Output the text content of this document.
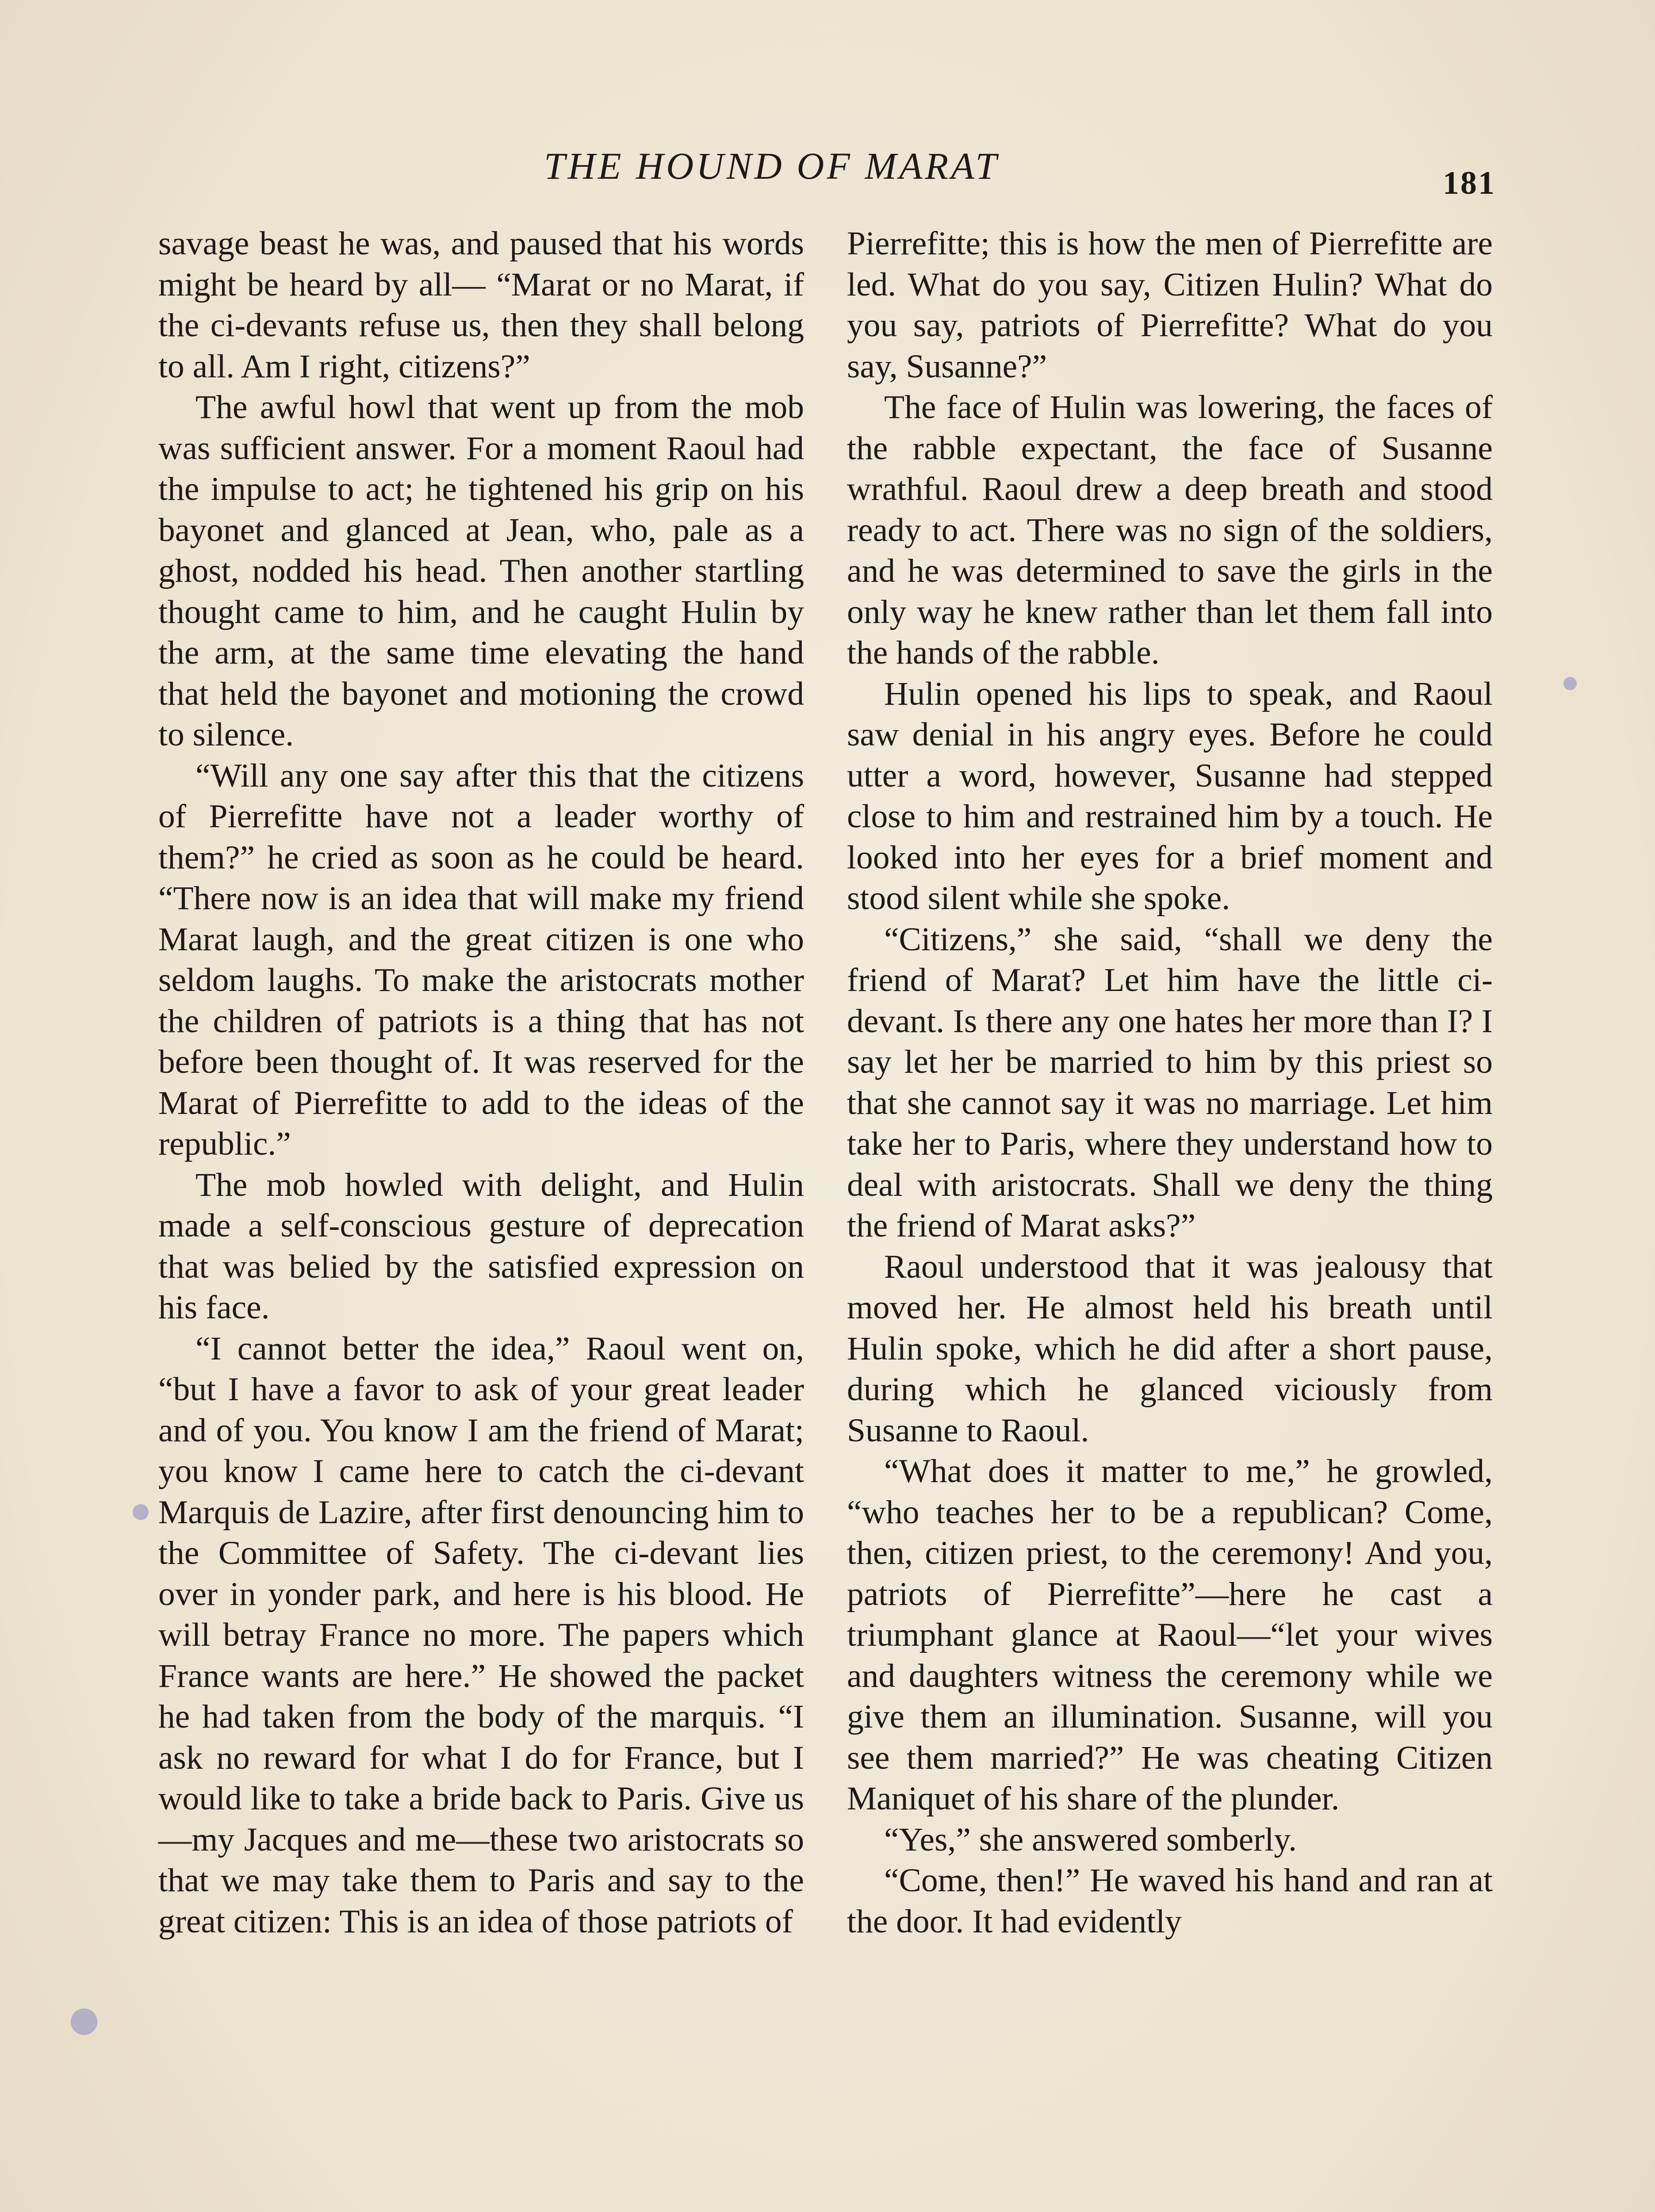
THE HOUND OF MARAT	181

savage beast he was, and paused that his words might be heard by all— “Marat or no Marat, if the ci-devants refuse us, then they shall belong to all. Am I right, citizens?”

The awful howl that went up from the mob was sufficient answer. For a moment Raoul had the impulse to act; he tightened his grip on his bayonet and glanced at Jean, who, pale as a ghost, nodded his head. Then another startling thought came to him, and he caught Hulin by the arm, at the same time elevating the hand that held the bayonet and motioning the crowd to silence.

“Will any one say after this that the citizens of Pierrefitte have not a leader worthy of them?” he cried as soon as he could be heard. “There now is an idea that will make my friend Marat laugh, and the great citizen is one who seldom laughs. To make the aristocrats mother the children of patriots is a thing that has not before been thought of. It was reserved for the Marat of Pierrefitte to add to the ideas of the republic.”

The mob howled with delight, and Hulin made a self-conscious gesture of deprecation that was belied by the satisfied expression on his face.

“I cannot better the idea,” Raoul went on, “but I have a favor to ask of your great leader and of you. You know I am the friend of Marat; you know I came here to catch the ci-devant Marquis de Lazire, after first denouncing him to the Committee of Safety. The ci-devant lies over in yonder park, and here is his blood. He will betray France no more. The papers which France wants are here.” He showed the packet he had taken from the body of the marquis. “I ask no reward for what I do for France, but I would like to take a bride back to Paris. Give us—my Jacques and me—these two aristocrats so that we may take them to Paris and say to the great citizen: This is an idea of those patriots of

Pierrefitte; this is how the men of Pierrefitte are led. What do you say, Citizen Hulin? What do you say, patriots of Pierrefitte? What do you say, Susanne?”

The face of Hulin was lowering, the faces of the rabble expectant, the face of Susanne wrathful. Raoul drew a deep breath and stood ready to act. There was no sign of the soldiers, and he was determined to save the girls in the only way he knew rather than let them fall into the hands of the rabble.

Hulin opened his lips to speak, and Raoul saw denial in his angry eyes. Before he could utter a word, however, Susanne had stepped close to him and restrained him by a touch. He looked into her eyes for a brief moment and stood silent while she spoke.

“Citizens,” she said, “shall we deny the friend of Marat? Let him have the little ci-devant. Is there any one hates her more than I? I say let her be married to him by this priest so that she cannot say it was no marriage. Let him take her to Paris, where they understand how to deal with aristocrats. Shall we deny the thing the friend of Marat asks?”

Raoul understood that it was jealousy that moved her. He almost held his breath until Hulin spoke, which he did after a short pause, during which he glanced viciously from Susanne to Raoul.

“What does it matter to me,” he growled, “who teaches her to be a republican? Come, then, citizen priest, to the ceremony! And you, patriots of Pierrefitte”—here he cast a triumphant glance at Raoul—“let your wives and daughters witness the ceremony while we give them an illumination. Susanne, will you see them married?” He was cheating Citizen Maniquet of his share of the plunder.

“Yes,” she answered somberly.

“Come, then!” He waved his hand and ran at the door. It had evidently
